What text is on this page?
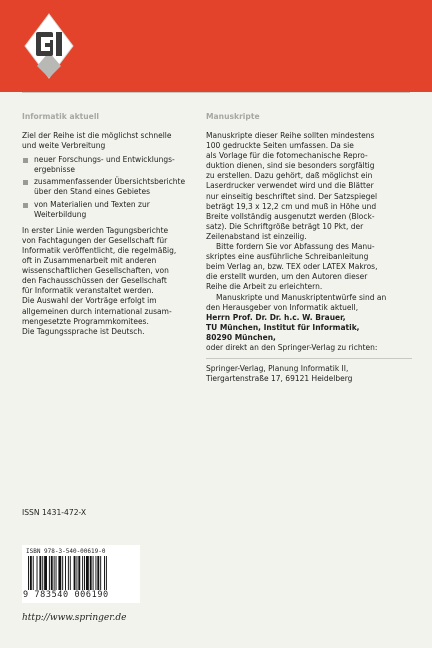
Informatik aktuell	Manuskripte
Ziel der Reihe ist die möglichst schnelle
und weite Verbreitung
neuer Forschungs- und Entwicklungs-
ergebnisse
zusammenfassender Übersichtsberichte
über den Stand eines Gebietes
von Materialien und Texten zur
Weiterbildung
In erster Linie werden Tagungsberichte
von Fachtagungen der Gesellschaft für
Informatik veröffentlicht, die regelmäßig,
oft in Zusammenarbeit mit anderen
wissenschaftlichen Gesellschaften, von
den Fachausschüssen der Gesellschaft
für Informatik veranstaltet werden.
Die Auswahl der Vorträge erfolgt im
allgemeinen durch international zusam-
mengesetzte Programmkomitees.
Die Tagungssprache ist Deutsch.
Manuskripte dieser Reihe sollten mindestens
100 gedruckte Seiten umfassen. Da sie
als Vorlage für die fotomechanische Repro-
duktion dienen, sind sie besonders sorgfältig
zu erstellen. Dazu gehört, daß möglichst ein
Laserdrucker verwendet wird und die Blätter
nur einseitig beschriftet sind. Der Satzspiegel
beträgt 19,3 x 12,2 cm und muß in Höhe und
Breite vollständig ausgenutzt werden (Block-
satz). Die Schriftgröße beträgt 10 Pkt, der
Zeilenabstand ist einzeilig.
Bitte fordern Sie vor Abfassung des Manu-
skriptes eine ausführliche Schreibanleitung
beim Verlag an, bzw. TEX oder LATEX Makros,
die erstellt wurden, um den Autoren dieser
Reihe die Arbeit zu erleichtern.
Manuskripte und Manuskriptentwürfe sind an
den Herausgeber von Informatik aktuell,
Herrn Prof. Dr. Dr. h.c. W. Brauer,
TU München, Institut für Informatik,
80290 München,
oder direkt an den Springer-Verlag zu richten:
Springer-Verlag, Planung Informatik II,
Tiergartenstraße 17, 69121 Heidelberg
ISSN 1431-472-X
ISBN 978-3-540-00619-0
9 783540 006190
http://www.springer.de
